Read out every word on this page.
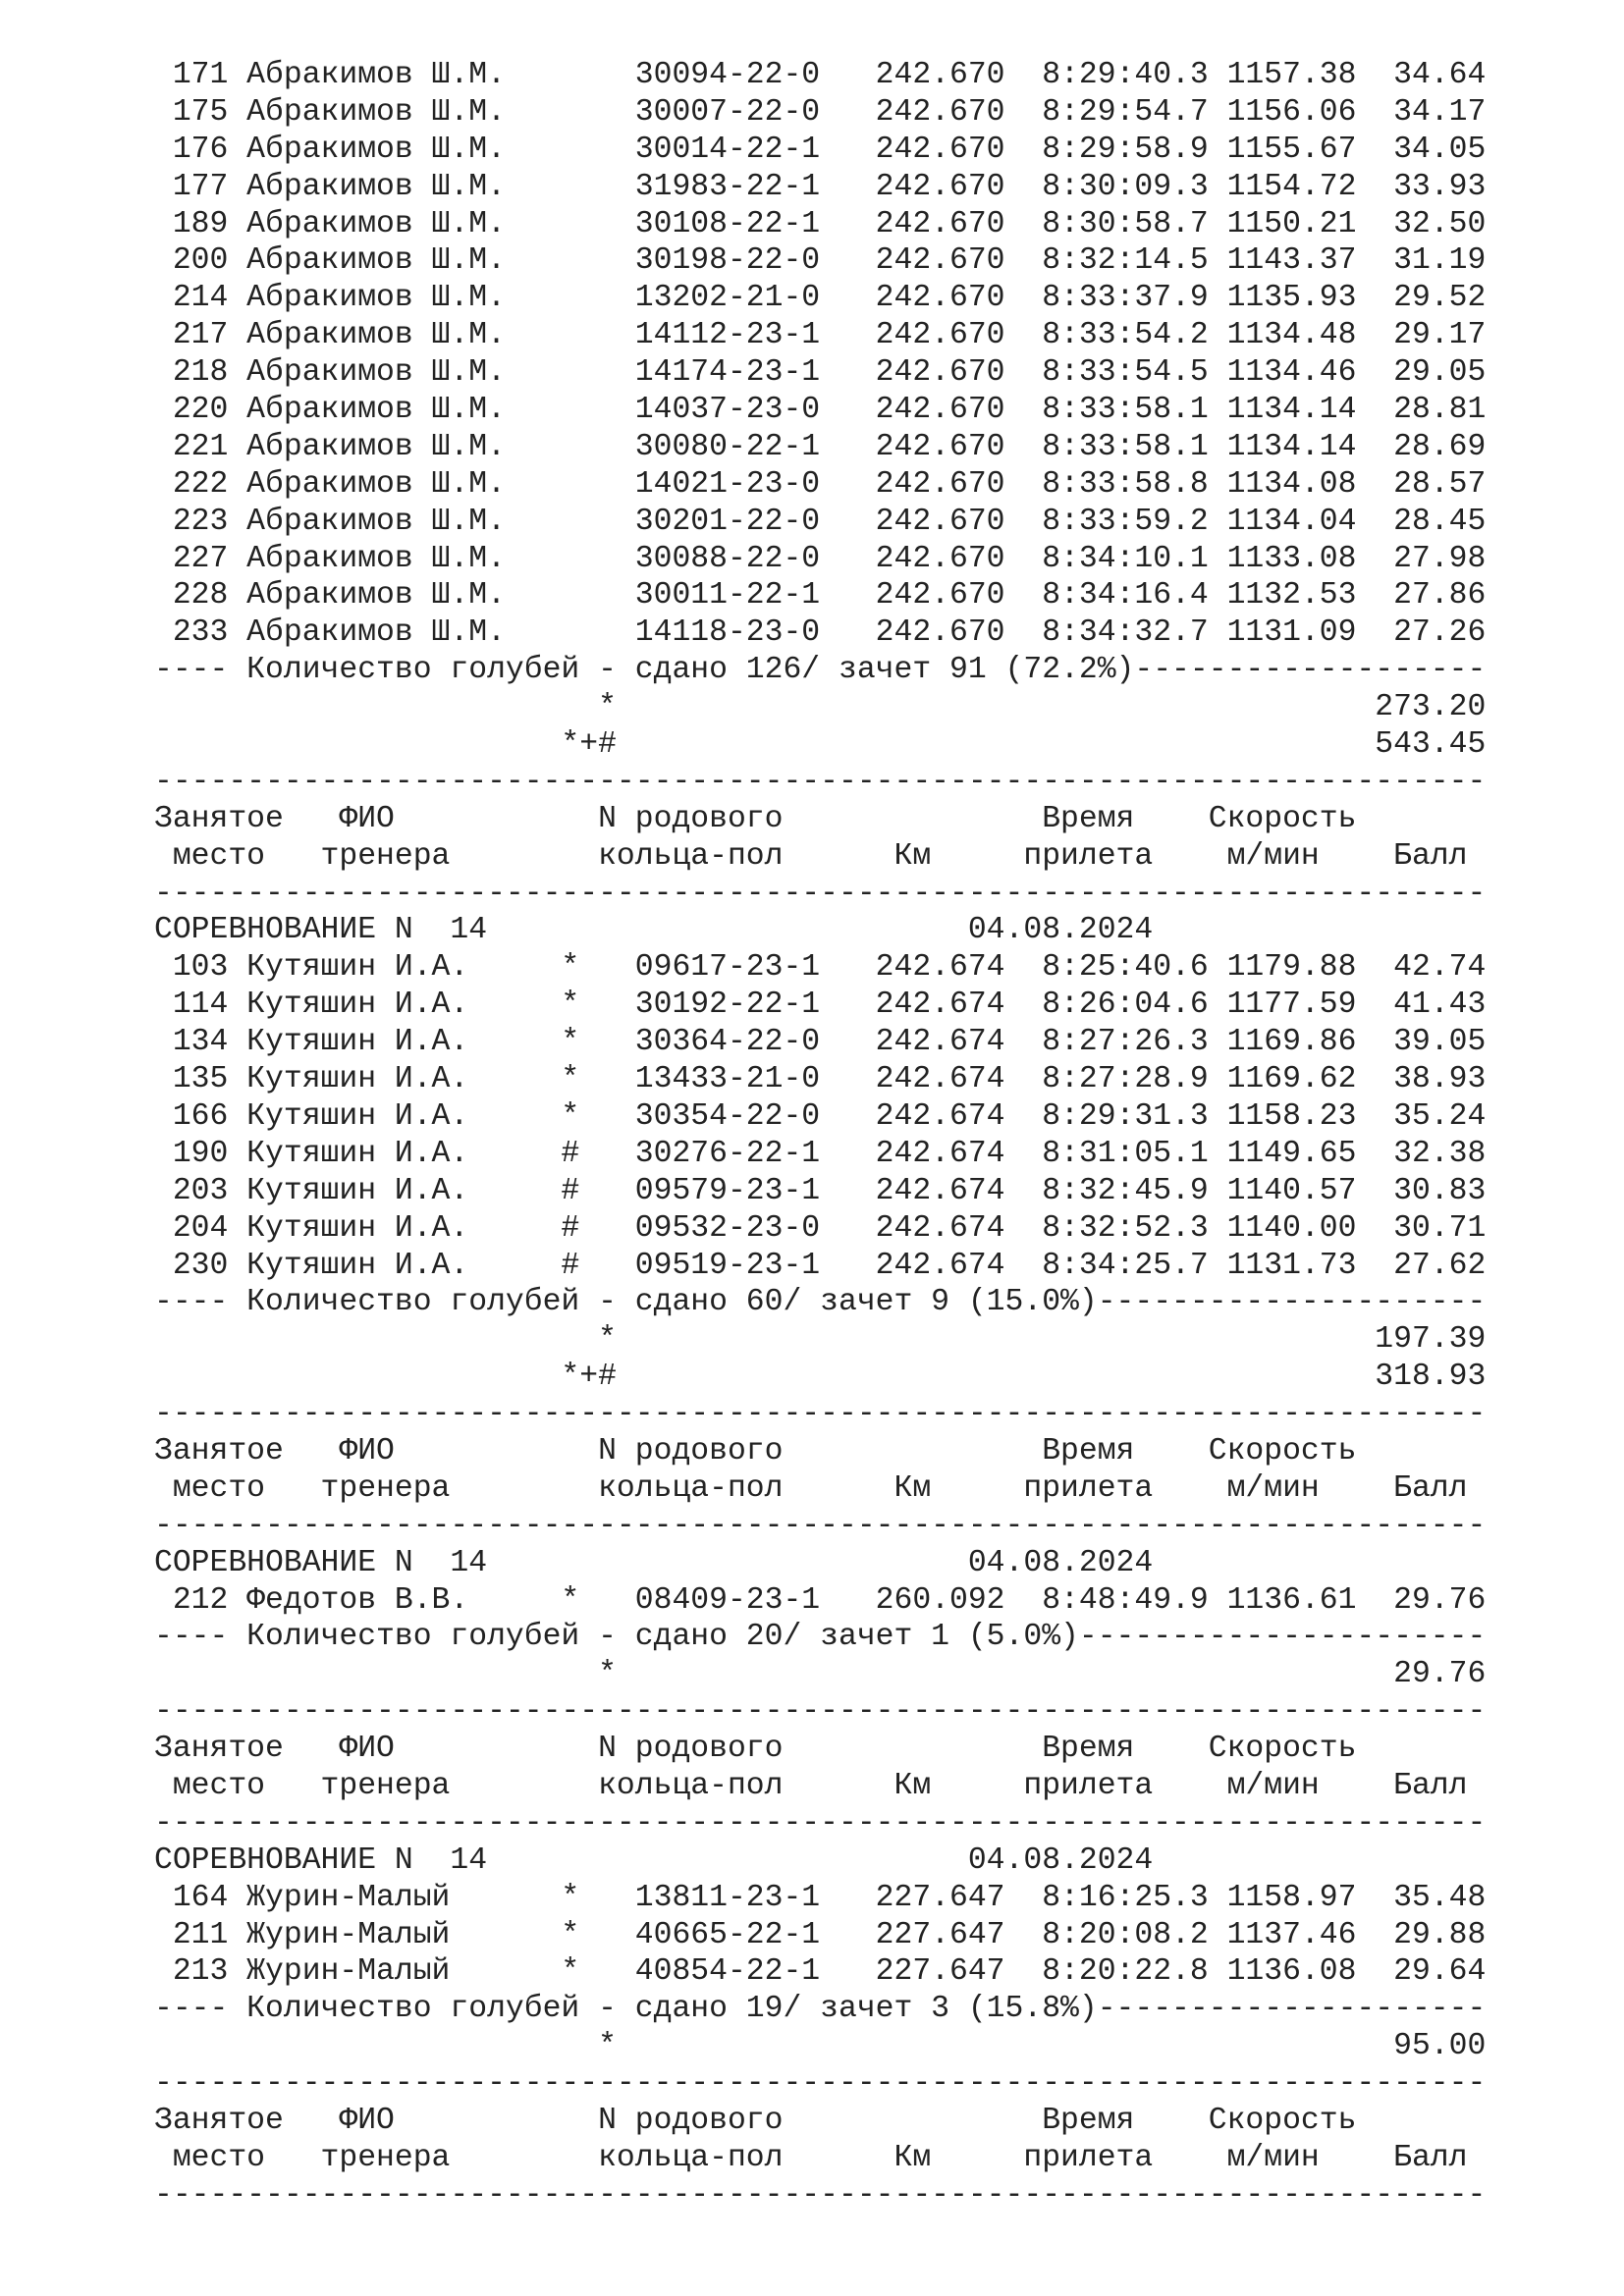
171 Абракимов Ш.М.       30094-22-0   242.670  8:29:40.3 1157.38  34.64
175 Абракимов Ш.М.       30007-22-0   242.670  8:29:54.7 1156.06  34.17
176 Абракимов Ш.М.       30014-22-1   242.670  8:29:58.9 1155.67  34.05
177 Абракимов Ш.М.       31983-22-1   242.670  8:30:09.3 1154.72  33.93
189 Абракимов Ш.М.       30108-22-1   242.670  8:30:58.7 1150.21  32.50
200 Абракимов Ш.М.       30198-22-0   242.670  8:32:14.5 1143.37  31.19
214 Абракимов Ш.М.       13202-21-0   242.670  8:33:37.9 1135.93  29.52
217 Абракимов Ш.М.       14112-23-1   242.670  8:33:54.2 1134.48  29.17
218 Абракимов Ш.М.       14174-23-1   242.670  8:33:54.5 1134.46  29.05
220 Абракимов Ш.М.       14037-23-0   242.670  8:33:58.1 1134.14  28.81
221 Абракимов Ш.М.       30080-22-1   242.670  8:33:58.1 1134.14  28.69
222 Абракимов Ш.М.       14021-23-0   242.670  8:33:58.8 1134.08  28.57
223 Абракимов Ш.М.       30201-22-0   242.670  8:33:59.2 1134.04  28.45
227 Абракимов Ш.М.       30088-22-0   242.670  8:34:10.1 1133.08  27.98
228 Абракимов Ш.М.       30011-22-1   242.670  8:34:16.4 1132.53  27.86
233 Абракимов Ш.М.       14118-23-0   242.670  8:34:32.7 1131.09  27.26
---- Количество голубей - сдано 126/ зачет 91 (72.2%)-------------------
*                                         273.20
*+#                                         543.45
------------------------------------------------------------------------
Занятое   ФИО           N родового              Время    Скорость
место   тренера        кольца-пол      Км     прилета    м/мин    Балл
------------------------------------------------------------------------
СОРЕВНОВАНИЕ N  14                          04.08.2024
103 Кутяшин И.А.     *   09617-23-1   242.674  8:25:40.6 1179.88  42.74
114 Кутяшин И.А.     *   30192-22-1   242.674  8:26:04.6 1177.59  41.43
134 Кутяшин И.А.     *   30364-22-0   242.674  8:27:26.3 1169.86  39.05
135 Кутяшин И.А.     *   13433-21-0   242.674  8:27:28.9 1169.62  38.93
166 Кутяшин И.А.     *   30354-22-0   242.674  8:29:31.3 1158.23  35.24
190 Кутяшин И.А.     #   30276-22-1   242.674  8:31:05.1 1149.65  32.38
203 Кутяшин И.А.     #   09579-23-1   242.674  8:32:45.9 1140.57  30.83
204 Кутяшин И.А.     #   09532-23-0   242.674  8:32:52.3 1140.00  30.71
230 Кутяшин И.А.     #   09519-23-1   242.674  8:34:25.7 1131.73  27.62
---- Количество голубей - сдано 60/ зачет 9 (15.0%)---------------------
*                                         197.39
*+#                                         318.93
------------------------------------------------------------------------
Занятое   ФИО           N родового              Время    Скорость
место   тренера        кольца-пол      Км     прилета    м/мин    Балл
------------------------------------------------------------------------
СОРЕВНОВАНИЕ N  14                          04.08.2024
212 Федотов В.В.     *   08409-23-1   260.092  8:48:49.9 1136.61  29.76
---- Количество голубей - сдано 20/ зачет 1 (5.0%)----------------------
*                                          29.76
------------------------------------------------------------------------
Занятое   ФИО           N родового              Время    Скорость
место   тренера        кольца-пол      Км     прилета    м/мин    Балл
------------------------------------------------------------------------
СОРЕВНОВАНИЕ N  14                          04.08.2024
164 Журин-Малый      *   13811-23-1   227.647  8:16:25.3 1158.97  35.48
211 Журин-Малый      *   40665-22-1   227.647  8:20:08.2 1137.46  29.88
213 Журин-Малый      *   40854-22-1   227.647  8:20:22.8 1136.08  29.64
---- Количество голубей - сдано 19/ зачет 3 (15.8%)---------------------
*                                          95.00
------------------------------------------------------------------------
Занятое   ФИО           N родового              Время    Скорость
место   тренера        кольца-пол      Км     прилета    м/мин    Балл
------------------------------------------------------------------------
